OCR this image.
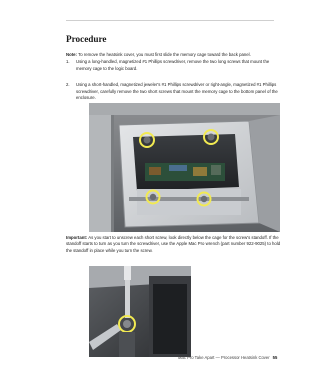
Procedure
Note: To remove the heatsink cover, you must first slide the memory cage toward the back panel.
1. Using a long-handled, magnetized #1 Phillips screwdriver, remove the two long screws that mount the memory cage to the logic board.
2. Using a short-handled, magnetized jeweler's #1 Phillips screwdriver or right-angle, magnetized #1 Phillips screwdriver, carefully remove the two short screws that mount the memory cage to the bottom panel of the enclosure.
Important: As you start to unscrew each short screw, look directly below the cage for the screw's standoff. If the standoff starts to turn as you turn the screwdriver, use the Apple Mac Pro wrench (part number 922-9025) to hold the standoff in place while you turn the screw.
Mac Pro Take Apart — Processor Heatsink Cover 55
